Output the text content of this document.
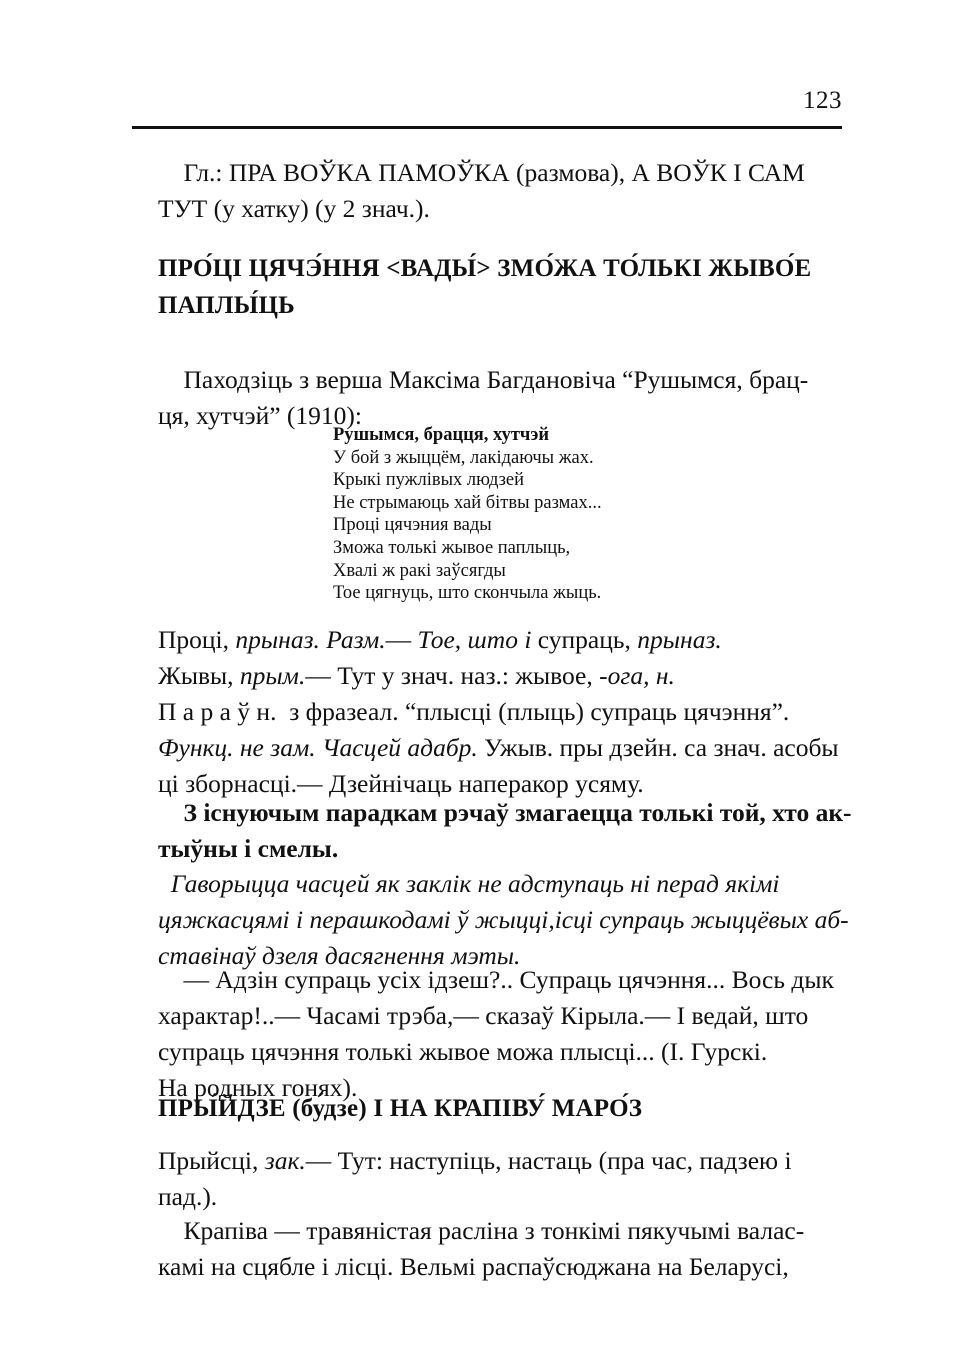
123

Гл.: ПРА ВОЎКА ПАМОЎКА (размова), А ВОЎК І САМ
ТУТ (у хатку) (у 2 знач.).

ПРО́ЦІ ЦЯЧЭ́ННЯ <ВАДЫ́> ЗМО́ЖА ТО́ЛЬКІ ЖЫВО́Е
ПАПЛЫ́ЦЬ

Паходзіць з верша Максіма Багдановіча “Рушымся, брац-
ця, хутчэй” (1910):

Рушымся, брацця, хутчэй
У бой з жыццём, лакідаючы жах.
Крыкі пужлівых людзей
Не стрымаюць хай бітвы размах...
Проці цячэния вады
Зможа толькі жывое паплыць,
Хвалі ж ракі заўсягды
Тое цягнуць, што скончыла жыць.

Проці, прыназ. Разм.— Тое, што і супраць, прыназ.
Жывы, прым.— Тут у знач. наз.: жывое, -ога, н.
П а р а ў н.  з фразеал. “плысці (плыць) супраць цячэння”.
Функц. не зам. Часцей адабр. Ужыв. пры дзейн. са знач. асобы
ці зборнасці.— Дзейнічаць наперакор усяму.

З існуючым парадкам рэчаў змагаецца толькі той, хто ак-
тыўны і смелы.

Гаворыцца часцей як заклік не адступаць ні перад якімі
цяжкасцямі і перашкодамі ў жыцці,ісці супраць жыццёвых аб-
ставінаў дзеля дасягнення мэты.

— Адзін супраць усіх ідзеш?.. Супраць цячэння... Вось дык
характар!..— Часамі трэба,— сказаў Кірыла.— І ведай, што
супраць цячэння толькі жывое можа плысці... (І. Гурскі.
На родных гонях).

ПРЫ́ЙДЗЕ (бу́дзе) І НА КРАПІВУ́ МАРО́З

Прыйсці, зак.— Тут: наступіць, настаць (пра час, падзею і
пад.).

Крапіва — травяністая расліна з тонкімі пякучымі валас-
камі на сцябле і лісці. Вельмі распаўсюджана на Беларусі,
